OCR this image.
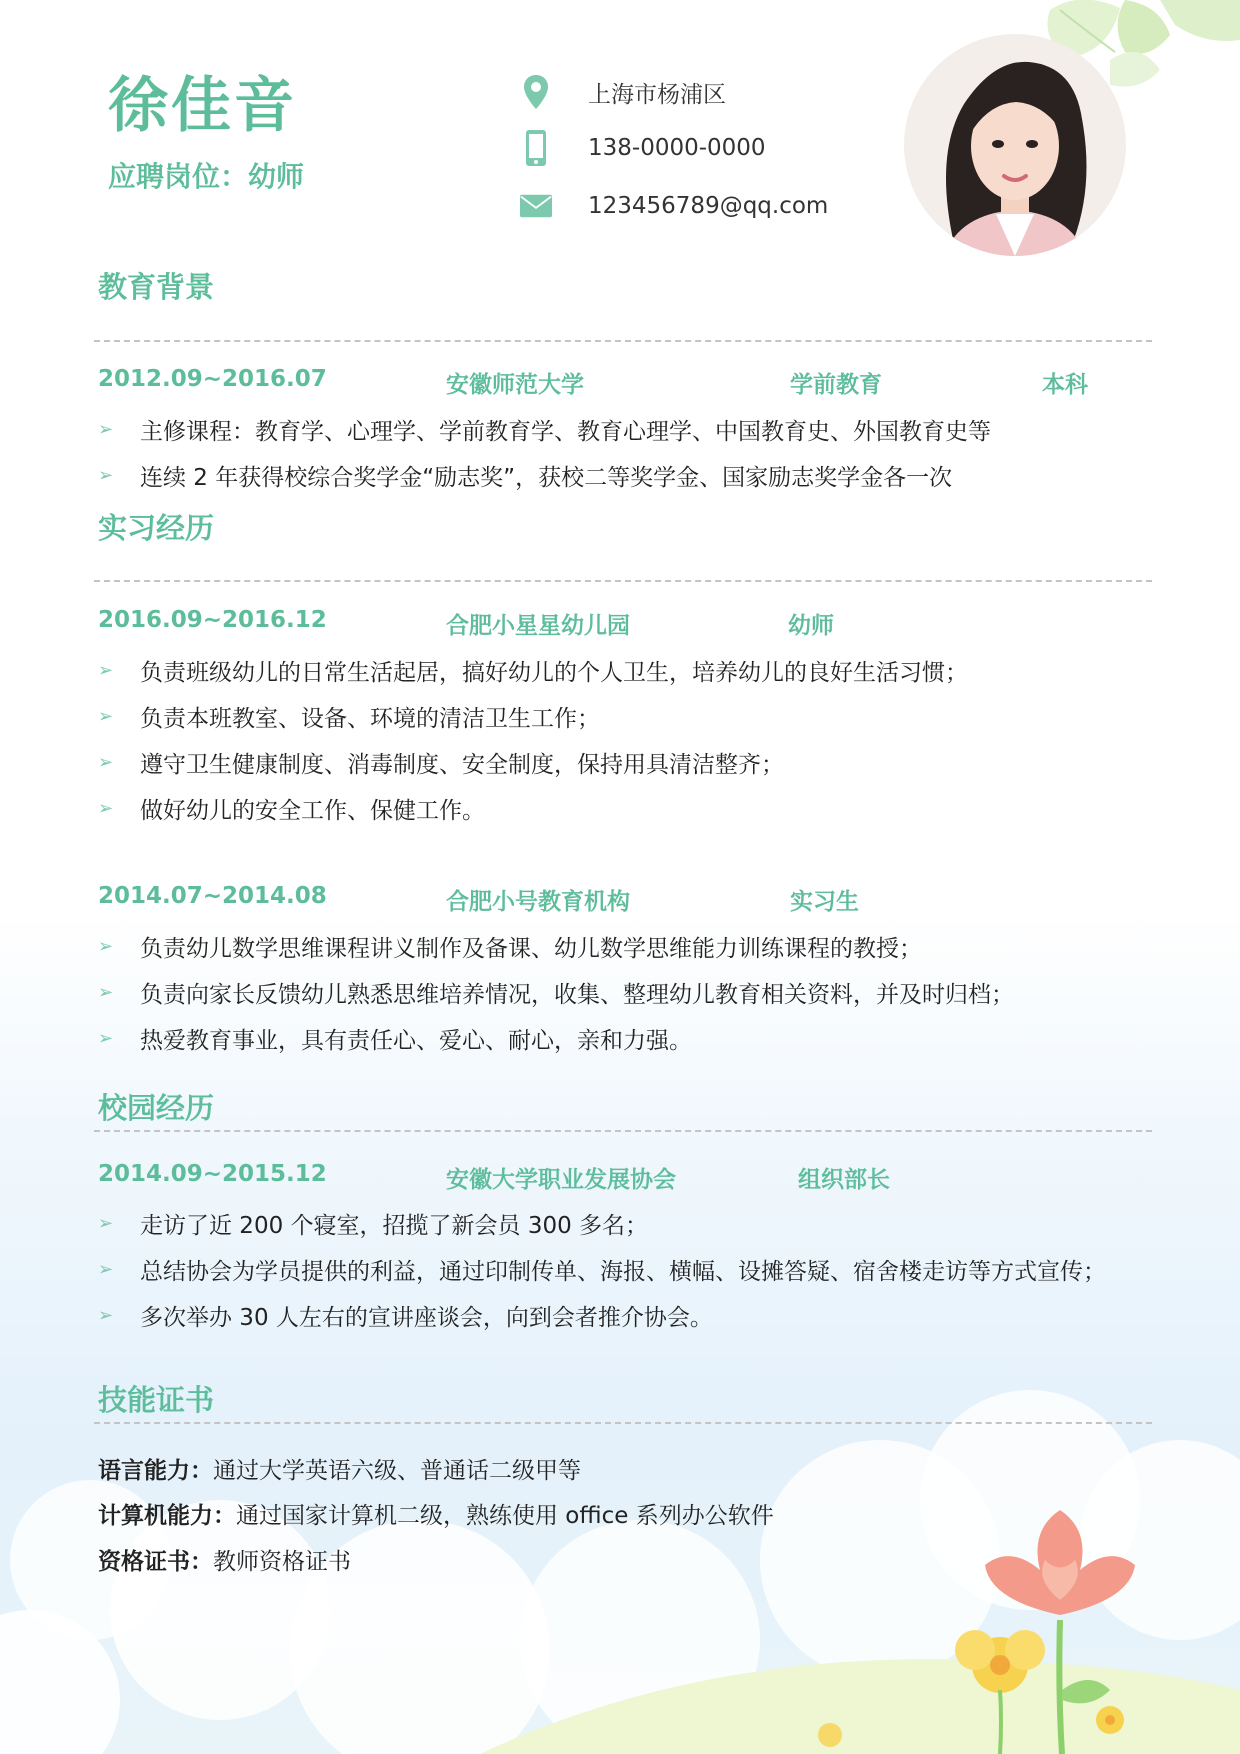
徐佳音
应聘岗位：幼师
上海市杨浦区
138-0000-0000
123456789@qq.com
教育背景
2012.09~2016.07	安徽师范大学	学前教育	本科
➢	主修课程：教育学、心理学、学前教育学、教育心理学、中国教育史、外国教育史等
➢	连续 2 年获得校综合奖学金“励志奖”，获校二等奖学金、国家励志奖学金各一次
实习经历
2016.09~2016.12	合肥小星星幼儿园	幼师
➢	负责班级幼儿的日常生活起居，搞好幼儿的个人卫生，培养幼儿的良好生活习惯；
➢	负责本班教室、设备、环境的清洁卫生工作；
➢	遵守卫生健康制度、消毒制度、安全制度，保持用具清洁整齐；
➢	做好幼儿的安全工作、保健工作。
2014.07~2014.08	合肥小号教育机构	实习生
➢	负责幼儿数学思维课程讲义制作及备课、幼儿数学思维能力训练课程的教授；
➢	负责向家长反馈幼儿熟悉思维培养情况，收集、整理幼儿教育相关资料，并及时归档；
➢	热爱教育事业，具有责任心、爱心、耐心，亲和力强。
校园经历
2014.09~2015.12	安徽大学职业发展协会	组织部长
➢	走访了近 200 个寝室，招揽了新会员 300 多名；
➢	总结协会为学员提供的利益，通过印制传单、海报、横幅、设摊答疑、宿舍楼走访等方式宣传；
➢	多次举办 30 人左右的宣讲座谈会，向到会者推介协会。
技能证书
语言能力：通过大学英语六级、普通话二级甲等
计算机能力：通过国家计算机二级，熟练使用 office 系列办公软件
资格证书：教师资格证书
